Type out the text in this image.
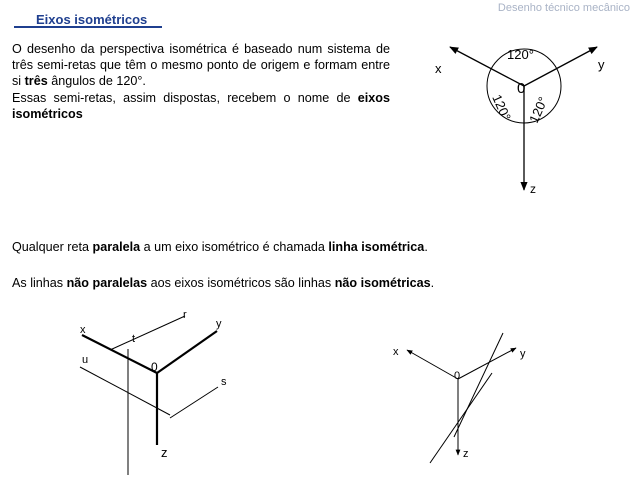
Eixos isométricos
Desenho técnico mecânico
O desenho da perspectiva isométrica é baseado num sistema de três semi-retas que têm o mesmo ponto de origem e formam entre si três ângulos de 120°.
Essas semi-retas, assim dispostas, recebem o nome de eixos isométricos
x	y
z
0
120°
120° 120°
Qualquer reta paralela a um eixo isométrico é chamada linha isométrica.
As linhas não paralelas aos eixos isométricos são linhas não isométricas.
x	y
z
0
r
s
t
u
x	y
z
0
